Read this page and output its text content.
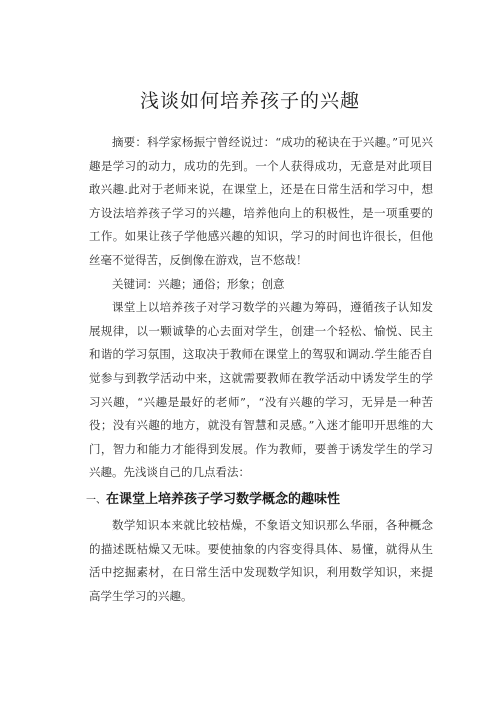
浅谈如何培养孩子的兴趣

摘要：科学家杨振宁曾经说过：“成功的秘诀在于兴趣。”可见兴趣是学习的动力，成功的先到。一个人获得成功，无意是对此项目敢兴趣.此对于老师来说，在课堂上，还是在日常生活和学习中，想方设法培养孩子学习的兴趣，培养他向上的积极性，是一项重要的工作。如果让孩子学他感兴趣的知识，学习的时间也许很长，但他丝毫不觉得苦，反倒像在游戏，岂不悠哉！

关键词：兴趣；通俗；形象；创意

课堂上以培养孩子对学习数学的兴趣为筹码，遵循孩子认知发展规律，以一颗诚挚的心去面对学生，创建一个轻松、愉悦、民主和谐的学习氛围，这取决于教师在课堂上的驾驭和调动.学生能否自觉参与到教学活动中来，这就需要教师在教学活动中诱发学生的学习兴趣，“兴趣是最好的老师”，“没有兴趣的学习，无异是一种苦役；没有兴趣的地方，就没有智慧和灵感。”入迷才能叩开思维的大门，智力和能力才能得到发展。作为教师，要善于诱发学生的学习兴趣。先浅谈自己的几点看法：

一、在课堂上培养孩子学习数学概念的趣味性

数学知识本来就比较枯燥，不象语文知识那么华丽，各种概念的描述既枯燥又无味。要使抽象的内容变得具体、易懂，就得从生活中挖掘素材，在日常生活中发现数学知识，利用数学知识，来提高学生学习的兴趣。
